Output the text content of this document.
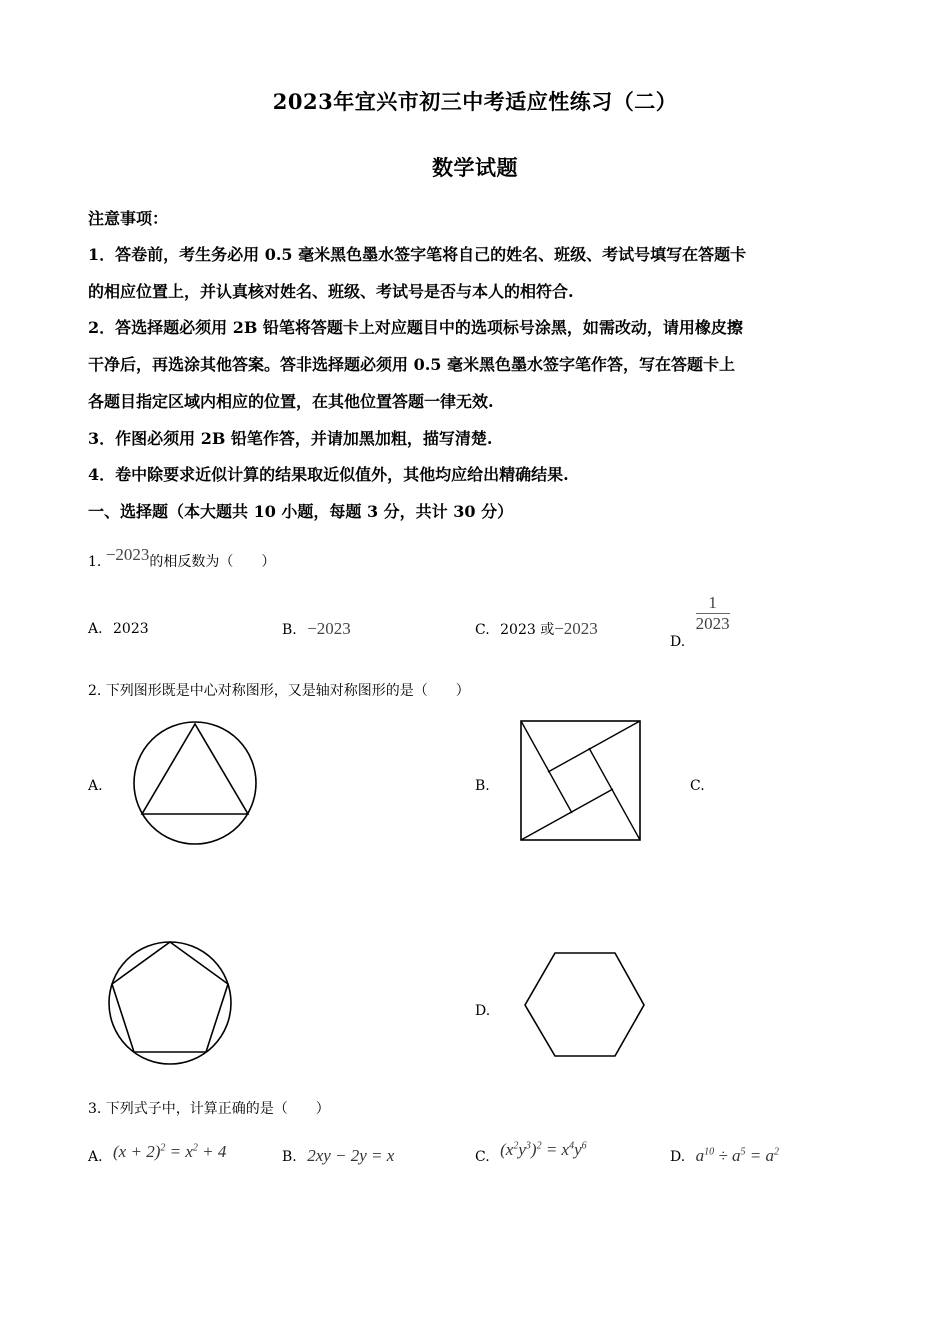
2023年宜兴市初三中考适应性练习（二）
数学试题
注意事项：
1．答卷前，考生务必用 0.5 毫米黑色墨水签字笔将自己的姓名、班级、考试号填写在答题卡
的相应位置上，并认真核对姓名、班级、考试号是否与本人的相符合.
2．答选择题必须用 2B 铅笔将答题卡上对应题目中的选项标号涂黑，如需改动，请用橡皮擦
干净后，再选涂其他答案。答非选择题必须用 0.5 毫米黑色墨水签字笔作答，写在答题卡上
各题目指定区域内相应的位置，在其他位置答题一律无效.
3．作图必须用 2B 铅笔作答，并请加黑加粗，描写清楚.
4．卷中除要求近似计算的结果取近似值外，其他均应给出精确结果.
一、选择题（本大题共 10 小题，每题 3 分，共计 30 分）
1. −2023的相反数为（　　）
A. 2023	B. −2023	C. 2023 或−2023
D.
$\frac{1}{2023}$
2. 下列图形既是中心对称图形，又是轴对称图形的是（　　）
A.	B.	C.
D.
3. 下列式子中，计算正确的是（　　）
A. $(x + 2)^2 = x^2 + 4$	B. 2xy − 2y = x	C. $(x^2y^3)^2 = x^4y^6$
D. $a^{10} \div a^5 = a^2$
